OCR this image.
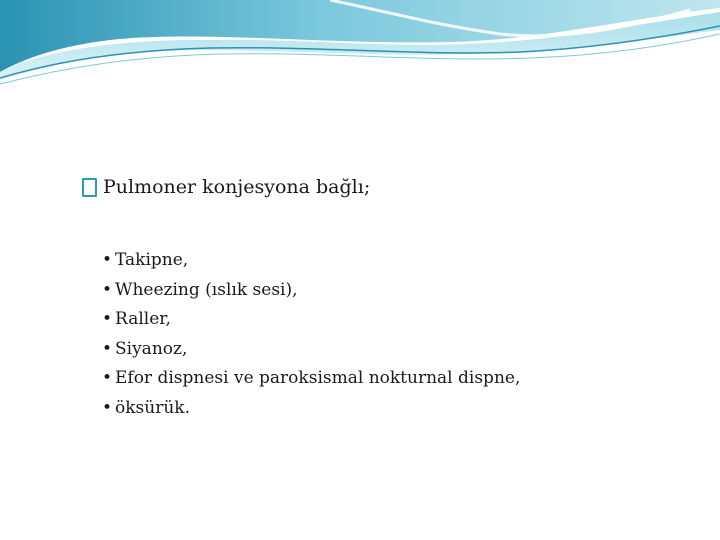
Pulmoner konjesyona bağlı;
• Takipne,
• Wheezing (ıslık sesi),
• Raller,
• Siyanoz,
• Efor dispnesi ve paroksismal nokturnal dispne,
• öksürük.
